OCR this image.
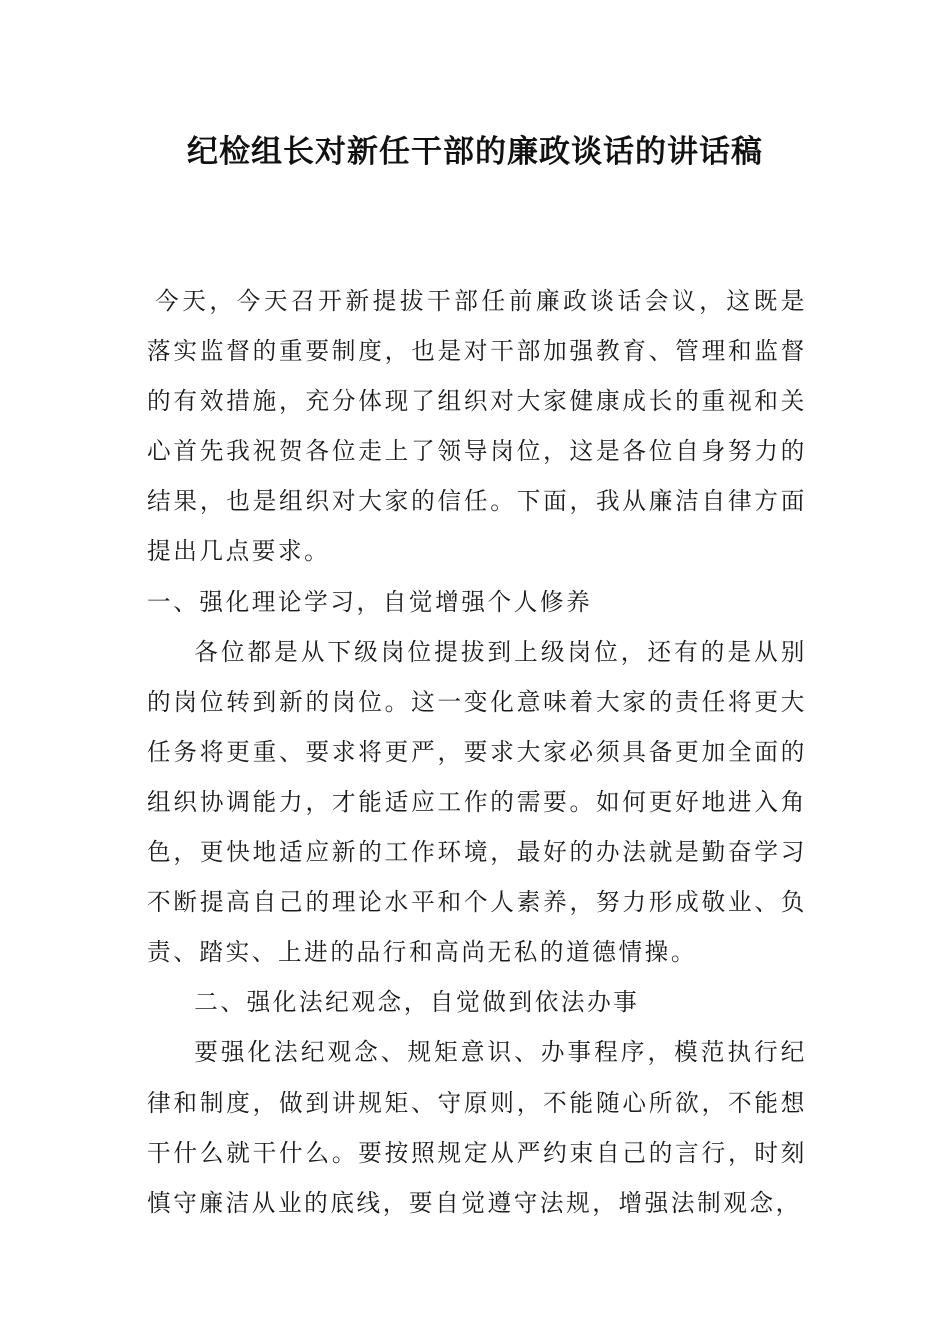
纪检组长对新任干部的廉政谈话的讲话稿

今天，今天召开新提拔干部任前廉政谈话会议，这既是落实监督的重要制度，也是对干部加强教育、管理和监督的有效措施，充分体现了组织对大家健康成长的重视和关心首先我祝贺各位走上了领导岗位，这是各位自身努力的结果，也是组织对大家的信任。下面，我从廉洁自律方面提出几点要求。

一、强化理论学习，自觉增强个人修养

各位都是从下级岗位提拔到上级岗位，还有的是从别的岗位转到新的岗位。这一变化意味着大家的责任将更大任务将更重、要求将更严，要求大家必须具备更加全面的组织协调能力，才能适应工作的需要。如何更好地进入角色，更快地适应新的工作环境，最好的办法就是勤奋学习不断提高自己的理论水平和个人素养，努力形成敬业、负责、踏实、上进的品行和高尚无私的道德情操。

二、强化法纪观念，自觉做到依法办事

要强化法纪观念、规矩意识、办事程序，模范执行纪律和制度，做到讲规矩、守原则，不能随心所欲，不能想干什么就干什么。要按照规定从严约束自己的言行，时刻慎守廉洁从业的底线，要自觉遵守法规，增强法制观念，
